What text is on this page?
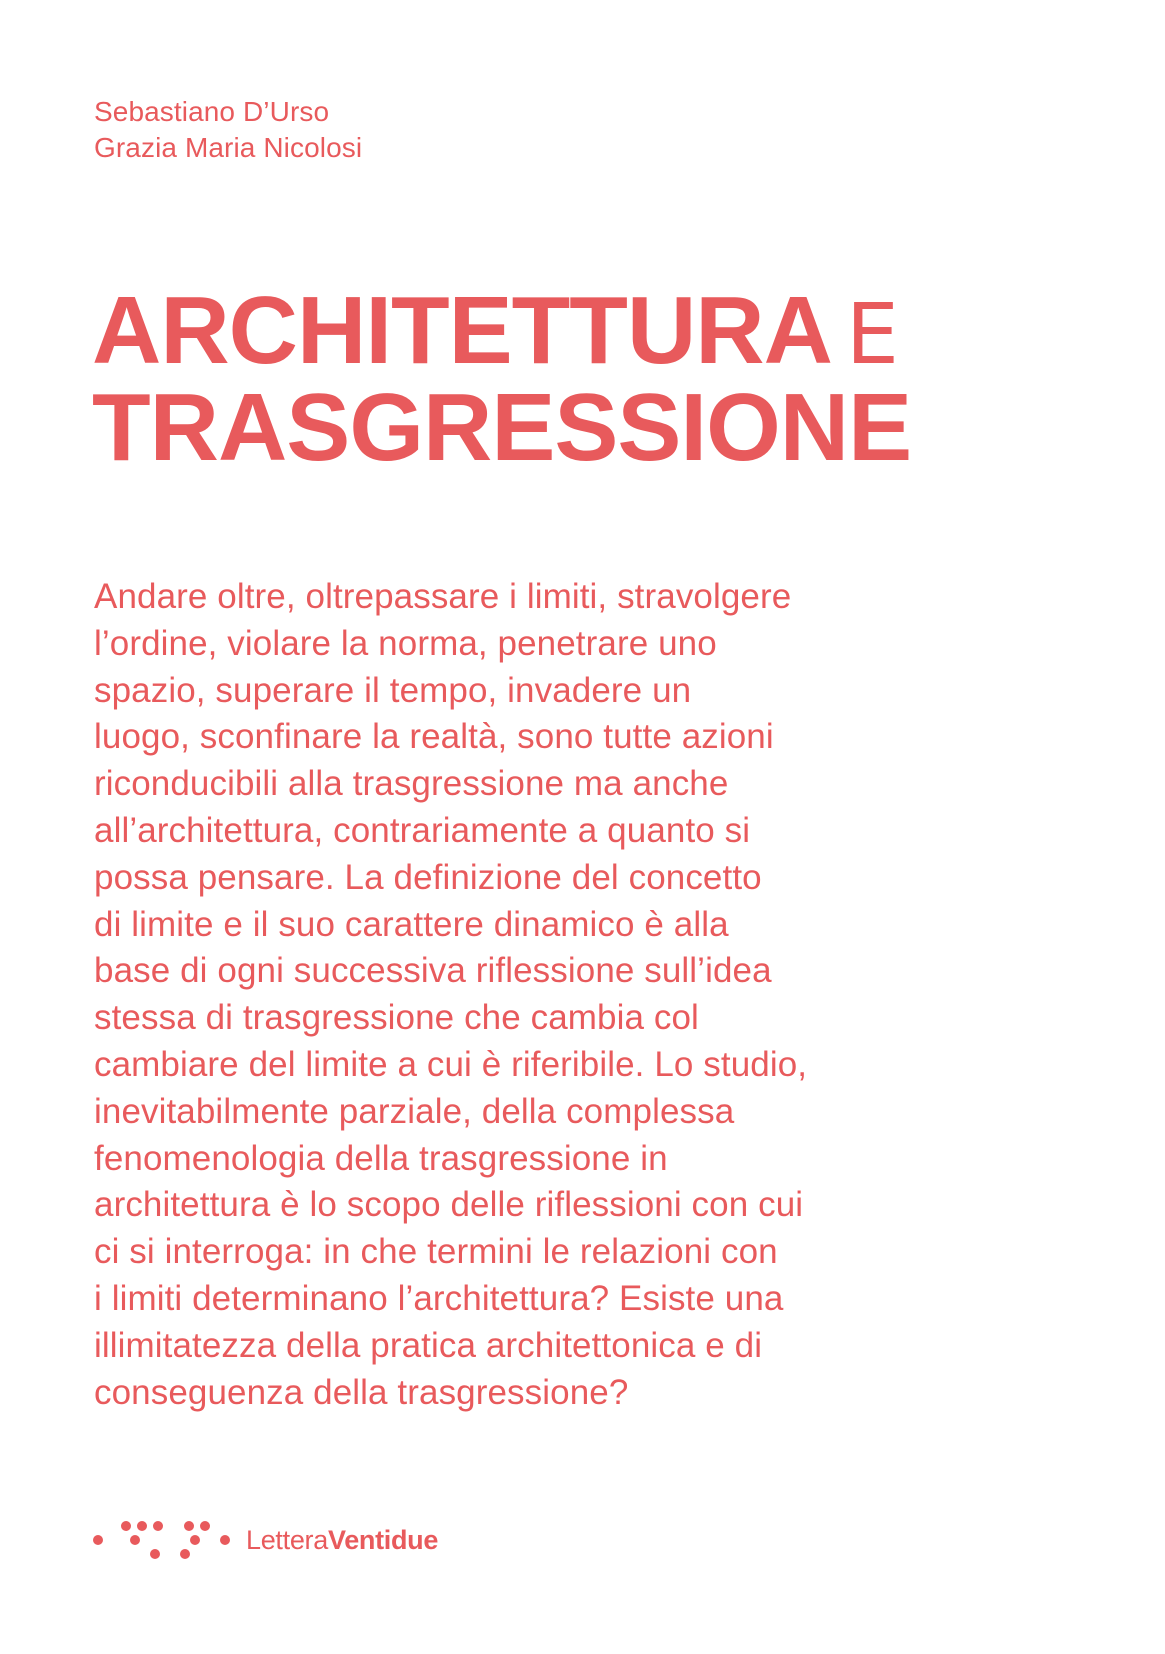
Sebastiano D’Urso
Grazia Maria Nicolosi
ARCHITETTURA E
TRASGRESSIONE
Andare oltre, oltrepassare i limiti, stravolgere
l’ordine, violare la norma, penetrare uno
spazio, superare il tempo, invadere un
luogo, sconfinare la realtà, sono tutte azioni
riconducibili alla trasgressione ma anche
all’architettura, contrariamente a quanto si
possa pensare. La definizione del concetto
di limite e il suo carattere dinamico è alla
base di ogni successiva riflessione sull’idea
stessa di trasgressione che cambia col
cambiare del limite a cui è riferibile. Lo studio,
inevitabilmente parziale, della complessa
fenomenologia della trasgressione in
architettura è lo scopo delle riflessioni con cui
ci si interroga: in che termini le relazioni con
i limiti determinano l’architettura? Esiste una
illimitatezza della pratica architettonica e di
conseguenza della trasgressione?
LetteraVentidue
